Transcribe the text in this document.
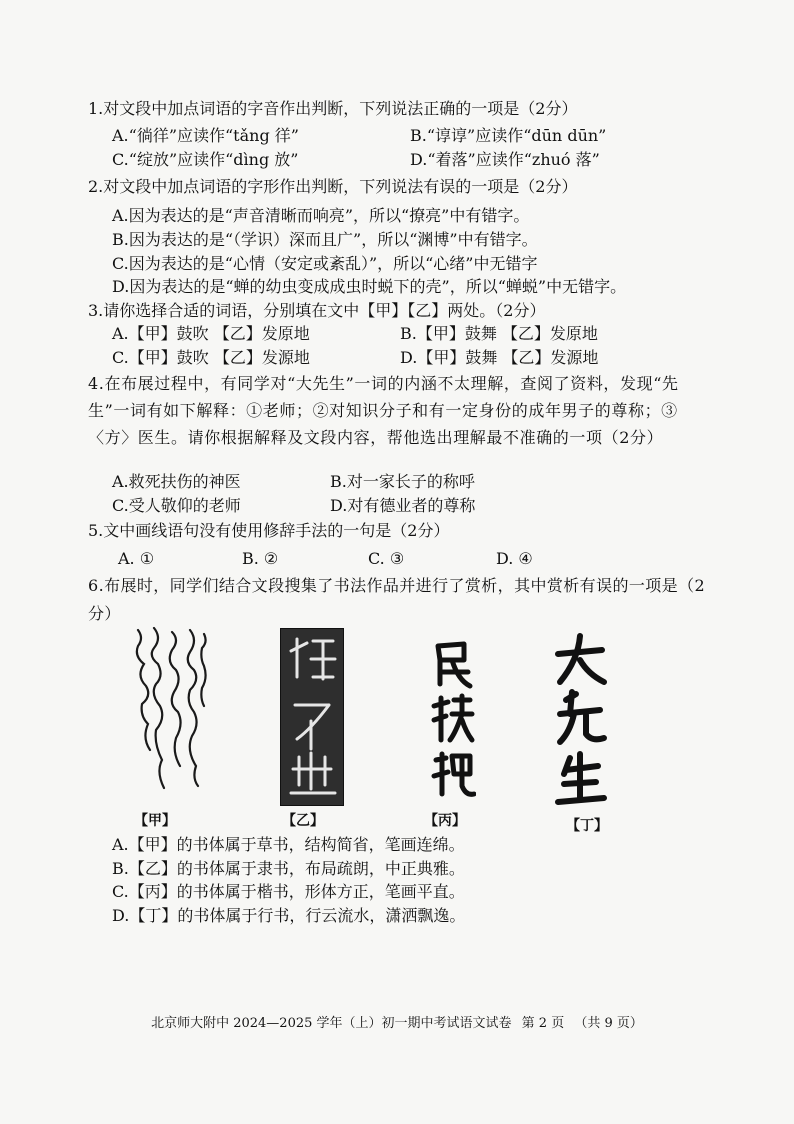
1.对文段中加点词语的字音作出判断，下列说法正确的一项是（2分）
A.“徜徉”应读作“tǎng 徉”	B.“谆谆”应读作“dūn dūn”
C.“绽放”应读作“dìng 放”	D.“着落”应读作“zhuó 落”
2.对文段中加点词语的字形作出判断，下列说法有误的一项是（2分）
A.因为表达的是“声音清晰而响亮”，所以“撩亮”中有错字。
B.因为表达的是“（学识）深而且广”，所以“渊博”中有错字。
C.因为表达的是“心情（安定或紊乱）”，所以“心绪”中无错字
D.因为表达的是“蝉的幼虫变成成虫时蜕下的壳”，所以“蝉蜕”中无错字。
3.请你选择合适的词语，分别填在文中【甲】【乙】两处。（2分）
A.【甲】鼓吹 【乙】发原地	B.【甲】鼓舞 【乙】发原地
C.【甲】鼓吹 【乙】发源地	D.【甲】鼓舞 【乙】发源地
4.在布展过程中，有同学对“大先生”一词的内涵不太理解，查阅了资料，发现“先生”一词有如下解释：①老师；②对知识分子和有一定身份的成年男子的尊称；③〈方〉医生。请你根据解释及文段内容，帮他选出理解最不准确的一项（2分）
A.救死扶伤的神医	B.对一家长子的称呼
C.受人敬仰的老师	D.对有德业者的尊称
5.文中画线语句没有使用修辞手法的一句是（2分）
A. ①	B. ②	C. ③	D. ④
6.布展时，同学们结合文段搜集了书法作品并进行了赏析，其中赏析有误的一项是（2分）
【甲】	【乙】	【丙】	【丁】
A.【甲】的书体属于草书，结构简省，笔画连绵。
B.【乙】的书体属于隶书，布局疏朗，中正典雅。
C.【丙】的书体属于楷书，形体方正，笔画平直。
D.【丁】的书体属于行书，行云流水，潇洒飘逸。
北京师大附中 2024—2025 学年（上）初一期中考试语文试卷 第 2 页 （共 9 页）
